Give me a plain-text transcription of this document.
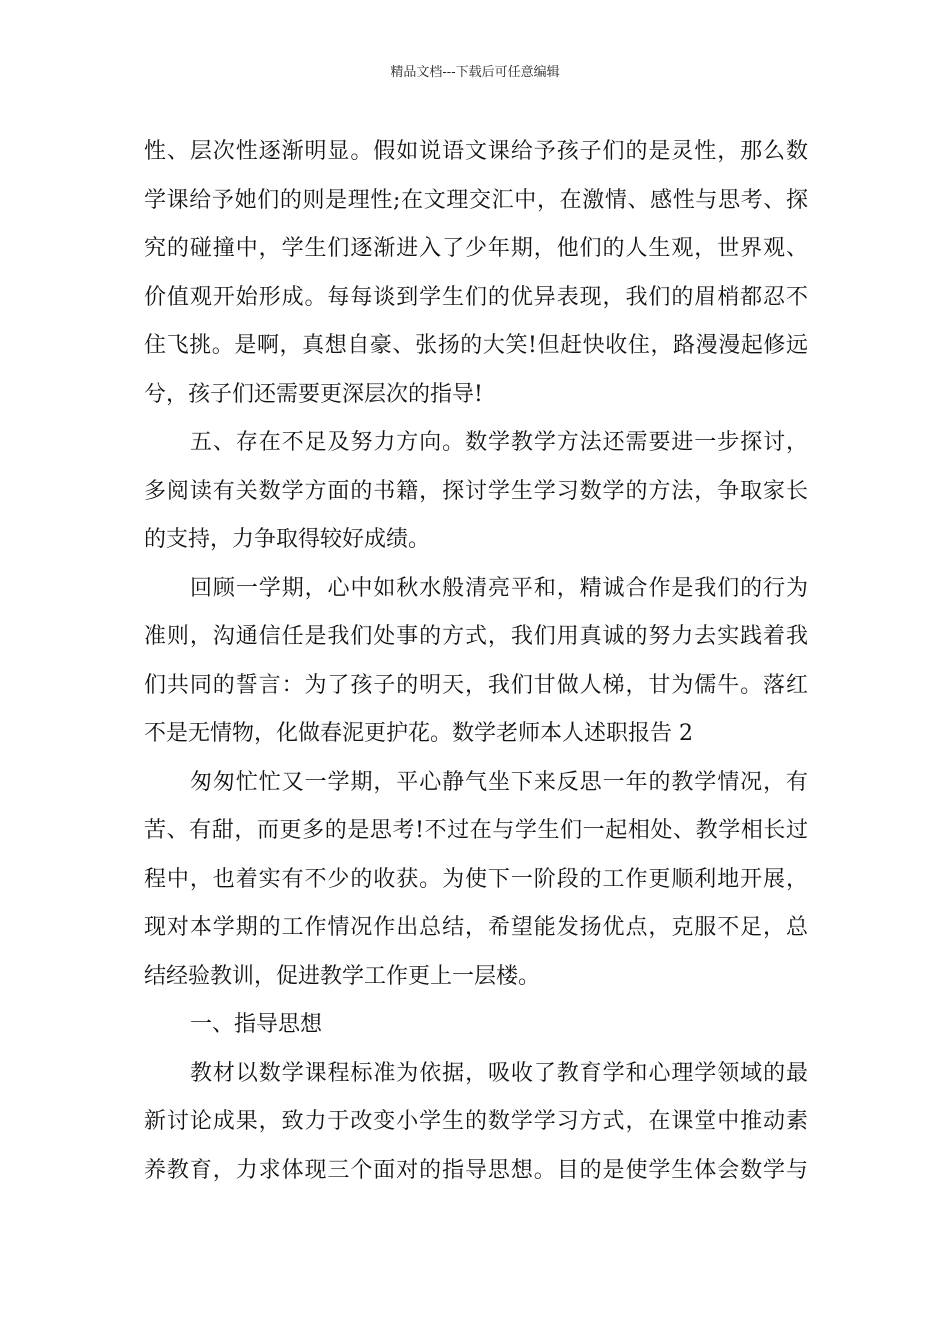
精品文档---下载后可任意编辑
性、层次性逐渐明显。假如说语文课给予孩子们的是灵性，那么数
学课给予她们的则是理性;在文理交汇中，在激情、感性与思考、探
究的碰撞中，学生们逐渐进入了少年期，他们的人生观，世界观、
价值观开始形成。每每谈到学生们的优异表现，我们的眉梢都忍不
住飞挑。是啊，真想自豪、张扬的大笑!但赶快收住，路漫漫起修远
兮，孩子们还需要更深层次的指导!
五、存在不足及努力方向。数学教学方法还需要进一步探讨，
多阅读有关数学方面的书籍，探讨学生学习数学的方法，争取家长
的支持，力争取得较好成绩。
回顾一学期，心中如秋水般清亮平和，精诚合作是我们的行为
准则，沟通信任是我们处事的方式，我们用真诚的努力去实践着我
们共同的誓言：为了孩子的明天，我们甘做人梯，甘为儒牛。落红
不是无情物，化做春泥更护花。数学老师本人述职报告 2
匆匆忙忙又一学期，平心静气坐下来反思一年的教学情况，有
苦、有甜，而更多的是思考!不过在与学生们一起相处、教学相长过
程中，也着实有不少的收获。为使下一阶段的工作更顺利地开展，
现对本学期的工作情况作出总结，希望能发扬优点，克服不足，总
结经验教训，促进教学工作更上一层楼。
一、指导思想
教材以数学课程标准为依据，吸收了教育学和心理学领域的最
新讨论成果，致力于改变小学生的数学学习方式，在课堂中推动素
养教育，力求体现三个面对的指导思想。目的是使学生体会数学与
